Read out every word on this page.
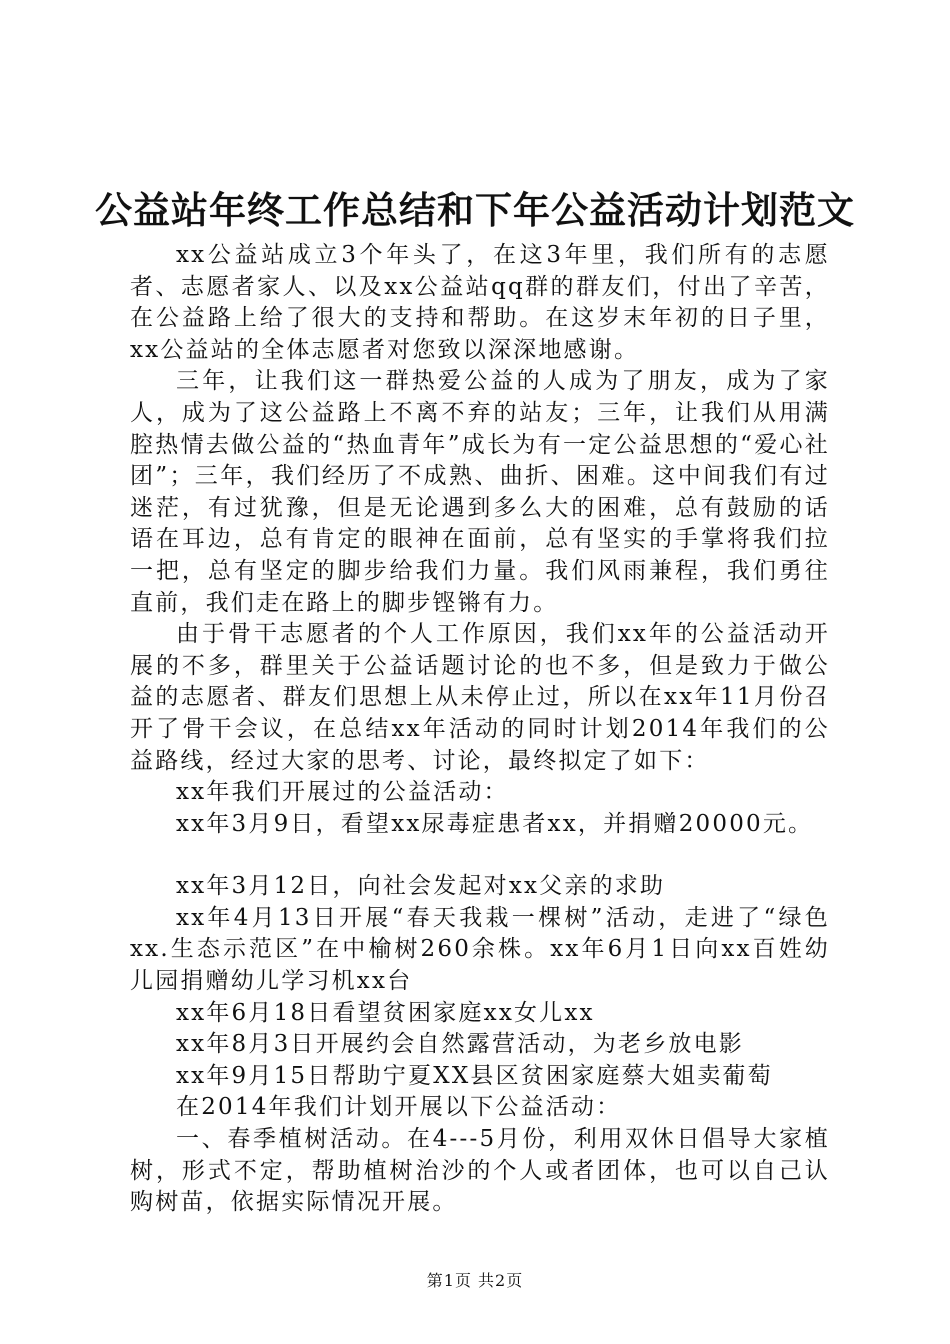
公益站年终工作总结和下年公益活动计划范文

xx公益站成立3个年头了，在这3年里，我们所有的志愿者、志愿者家人、以及xx公益站qq群的群友们，付出了辛苦，在公益路上给了很大的支持和帮助。在这岁末年初的日子里，xx公益站的全体志愿者对您致以深深地感谢。

三年，让我们这一群热爱公益的人成为了朋友，成为了家人，成为了这公益路上不离不弃的站友；三年，让我们从用满腔热情去做公益的“热血青年”成长为有一定公益思想的“爱心社团”；三年，我们经历了不成熟、曲折、困难。这中间我们有过迷茫，有过犹豫，但是无论遇到多么大的困难，总有鼓励的话语在耳边，总有肯定的眼神在面前，总有坚实的手掌将我们拉一把，总有坚定的脚步给我们力量。我们风雨兼程，我们勇往直前，我们走在路上的脚步铿锵有力。

由于骨干志愿者的个人工作原因，我们xx年的公益活动开展的不多，群里关于公益话题讨论的也不多，但是致力于做公益的志愿者、群友们思想上从未停止过，所以在xx年11月份召开了骨干会议，在总结xx年活动的同时计划2014年我们的公益路线，经过大家的思考、讨论，最终拟定了如下：

xx年我们开展过的公益活动：

xx年3月9日，看望xx尿毒症患者xx，并捐赠20000元。

xx年3月12日，向社会发起对xx父亲的求助

xx年4月13日开展“春天我栽一棵树”活动，走进了“绿色xx.生态示范区”在中榆树260余株。xx年6月1日向xx百姓幼儿园捐赠幼儿学习机xx台

xx年6月18日看望贫困家庭xx女儿xx

xx年8月3日开展约会自然露营活动，为老乡放电影

xx年9月15日帮助宁夏XX县区贫困家庭蔡大姐卖葡萄

在2014年我们计划开展以下公益活动：

一、春季植树活动。在4---5月份，利用双休日倡导大家植树，形式不定，帮助植树治沙的个人或者团体，也可以自己认购树苗，依据实际情况开展。

第1页 共2页
